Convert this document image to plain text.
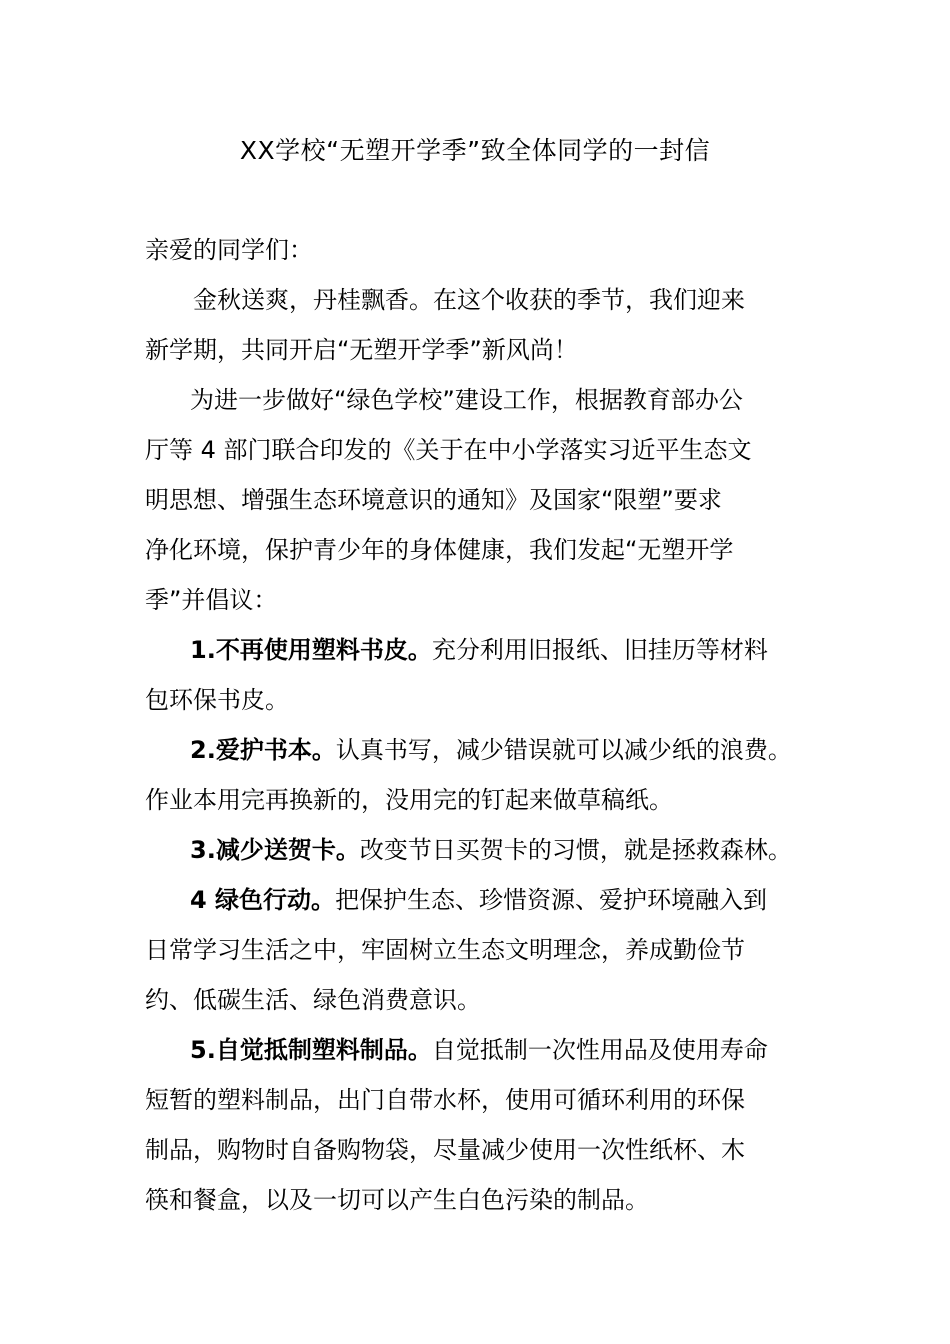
XX学校“无塑开学季”致全体同学的一封信
亲爱的同学们：
金秋送爽，丹桂飘香。在这个收获的季节，我们迎来
新学期，共同开启“无塑开学季”新风尚！
为进一步做好“绿色学校”建设工作，根据教育部办公
厅等 4 部门联合印发的《关于在中小学落实习近平生态文
明思想、增强生态环境意识的通知》及国家“限塑”要求
净化环境，保护青少年的身体健康，我们发起“无塑开学
季”并倡议：
1.不再使用塑料书皮。充分利用旧报纸、旧挂历等材料
包环保书皮。
2.爱护书本。认真书写，减少错误就可以减少纸的浪费。
作业本用完再换新的，没用完的钉起来做草稿纸。
3.减少送贺卡。改变节日买贺卡的习惯，就是拯救森林。
4 绿色行动。把保护生态、珍惜资源、爱护环境融入到
日常学习生活之中，牢固树立生态文明理念，养成勤俭节
约、低碳生活、绿色消费意识。
5.自觉抵制塑料制品。自觉抵制一次性用品及使用寿命
短暂的塑料制品，出门自带水杯，使用可循环利用的环保
制品，购物时自备购物袋，尽量减少使用一次性纸杯、木
筷和餐盒，以及一切可以产生白色污染的制品。
